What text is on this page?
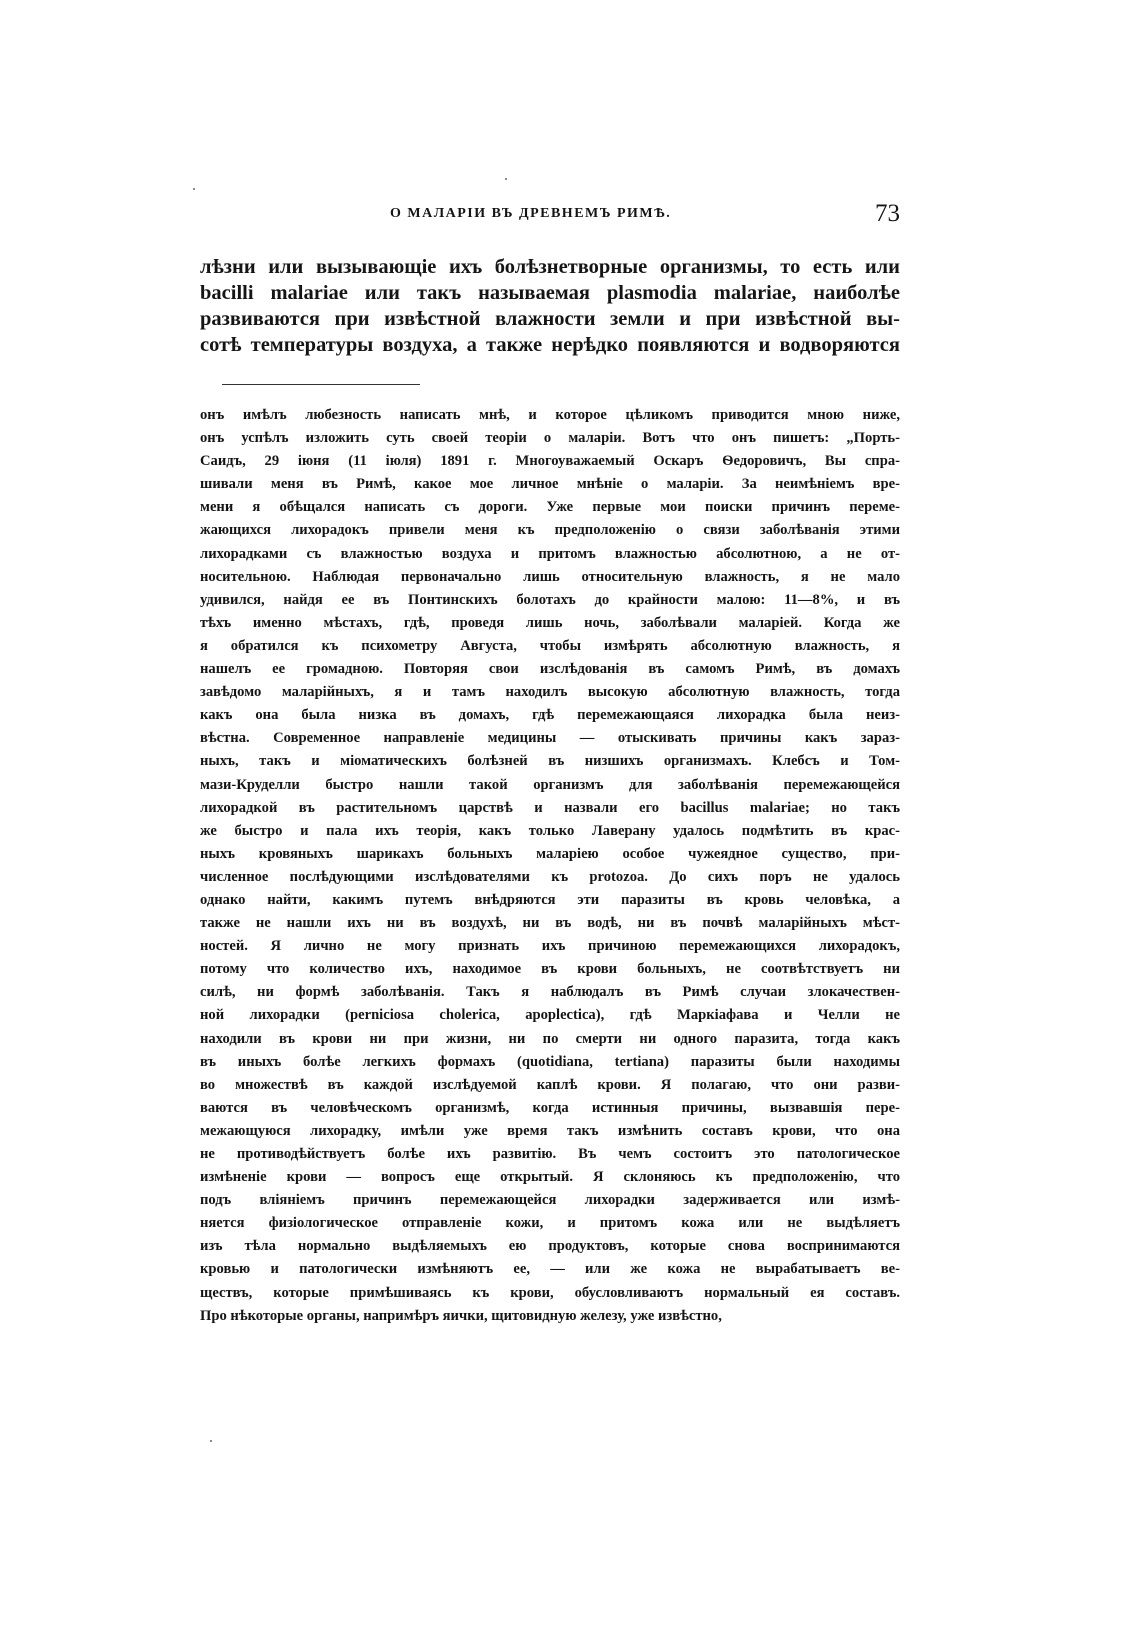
О МАЛАРІИ ВЪ ДРЕВНЕМЪ РИМѢ.	73
лѣзни или вызывающіе ихъ болѣзнетворные организмы, то есть или
bacilli malariae или такъ называемая plasmodia malariae, наиболѣе
развиваются при извѣстной влажности земли и при извѣстной вы-
сотѣ температуры воздуха, а также нерѣдко появляются и водворяются
онъ имѣлъ любезность написать мнѣ, и которое цѣликомъ приводится мною ниже,
онъ успѣлъ изложить суть своей теоріи о маларіи. Вотъ что онъ пишетъ: „Порть-
Саидъ, 29 іюня (11 іюля) 1891 г. Многоуважаемый Оскаръ Ѳедоровичъ, Вы спра-
шивали меня въ Римѣ, какое мое личное мнѣніе о маларіи. За неимѣніемъ вре-
мени я обѣщался написать съ дороги. Уже первые мои поиски причинъ переме-
жающихся лихорадокъ привели меня къ предположенію о связи заболѣванія этими
лихорадками съ влажностью воздуха и притомъ влажностью абсолютною, а не от-
носительною. Наблюдая первоначально лишь относительную влажность, я не мало
удивился, найдя ее въ Понтинскихъ болотахъ до крайности малою: 11—8%, и въ
тѣхъ именно мѣстахъ, гдѣ, проведя лишь ночь, заболѣвали маларіей. Когда же
я обратился къ психометру Августа, чтобы измѣрять абсолютную влажность, я
нашелъ ее громадною. Повторяя свои изслѣдованія въ самомъ Римѣ, въ домахъ
завѣдомо маларійныхъ, я и тамъ находилъ высокую абсолютную влажность, тогда
какъ она была низка въ домахъ, гдѣ перемежающаяся лихорадка была неиз-
вѣстна. Современное направленіе медицины — отыскивать причины какъ зараз-
ныхъ, такъ и міоматическихъ болѣзней въ низшихъ организмахъ. Клебсъ и Том-
мази-Круделли быстро нашли такой организмъ для заболѣванія перемежающейся
лихорадкой въ растительномъ царствѣ и назвали его bacillus malariae; но такъ
же быстро и пала ихъ теорія, какъ только Лаверану удалось подмѣтить въ крас-
ныхъ кровяныхъ шарикахъ больныхъ маларіею особое чужеядное существо, при-
численное послѣдующими изслѣдователями къ protozoa. До сихъ поръ не удалось
однако найти, какимъ путемъ внѣдряются эти паразиты въ кровь человѣка, а
также не нашли ихъ ни въ воздухѣ, ни въ водѣ, ни въ почвѣ маларійныхъ мѣст-
ностей. Я лично не могу признать ихъ причиною перемежающихся лихорадокъ,
потому что количество ихъ, находимое въ крови больныхъ, не соотвѣтствуетъ ни
силѣ, ни формѣ заболѣванія. Такъ я наблюдалъ въ Римѣ случаи злокачествен-
ной лихорадки (perniciosa cholerica, apoplectica), гдѣ Маркіафава и Челли не
находили въ крови ни при жизни, ни по смерти ни одного паразита, тогда какъ
въ иныхъ болѣе легкихъ формахъ (quotidiana, tertiana) паразиты были находимы
во множествѣ въ каждой изслѣдуемой каплѣ крови. Я полагаю, что они разви-
ваются въ человѣческомъ организмѣ, когда истинныя причины, вызвавшія пере-
межающуюся лихорадку, имѣли уже время такъ измѣнить составъ крови, что она
не противодѣйствуетъ болѣе ихъ развитію. Въ чемъ состоитъ это патологическое
измѣненіе крови — вопросъ еще открытый. Я склоняюсь къ предположенію, что
подъ вліяніемъ причинъ перемежающейся лихорадки задерживается или измѣ-
няется физіологическое отправленіе кожи, и притомъ кожа или не выдѣляетъ
изъ тѣла нормально выдѣляемыхъ ею продуктовъ, которые снова воспринимаются
кровью и патологически измѣняютъ ее, — или же кожа не вырабатываетъ ве-
ществъ, которые примѣшиваясь къ крови, обусловливаютъ нормальный ея составъ.
Про нѣкоторые органы, напримѣръ яички, щитовидную железу, уже извѣстно,
